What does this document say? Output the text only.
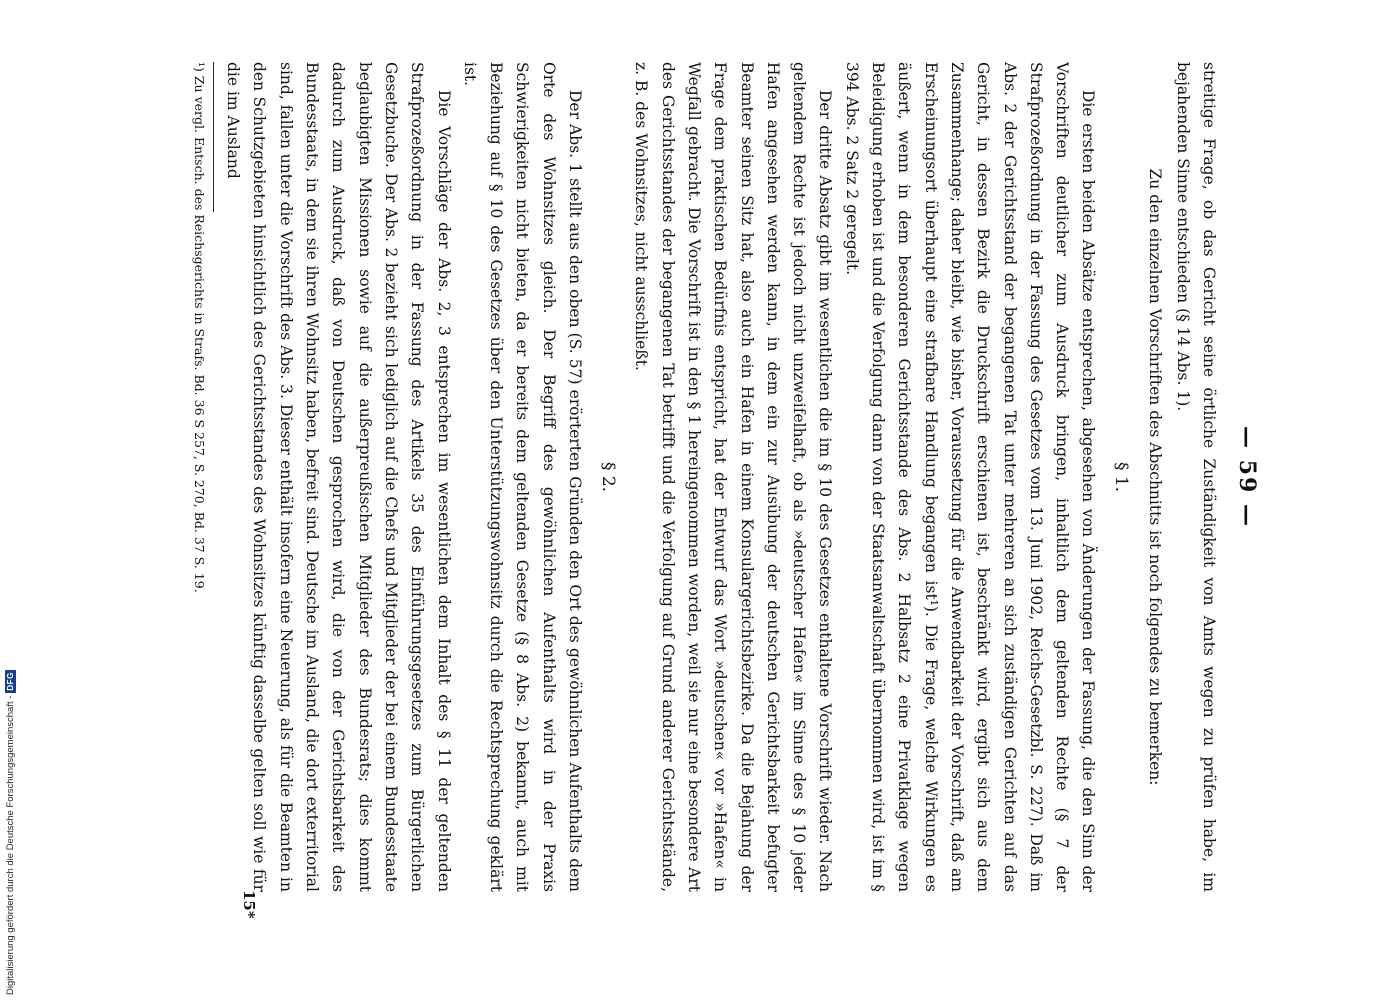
— 59 —

streitige Frage, ob das Gericht seine örtliche Zuständigkeit von Amts wegen zu prüfen habe, im bejahenden Sinne entschieden (§ 14 Abs. 1).

Zu den einzelnen Vorschriften des Abschnitts ist noch folgendes zu bemerken:
§ 1.

Die ersten beiden Absätze entsprechen, abgesehen von Änderungen der Fassung, die den Sinn der Vorschriften deutlicher zum Ausdruck bringen, inhaltlich dem geltenden Rechte (§ 7 der Strafprozeßordnung in der Fassung des Gesetzes vom 13. Juni 1902, Reichs-Gesetzbl. S. 227). Daß im Abs. 2 der Gerichtsstand der begangenen Tat unter mehreren an sich zuständigen Gerichten auf das Gericht, in dessen Bezirk die Druckschrift erschienen ist, beschränkt wird, ergibt sich aus dem Zusammenhange; daher bleibt, wie bisher, Voraussetzung für die Anwendbarkeit der Vorschrift, daß am Erscheinungsort überhaupt eine strafbare Handlung begangen ist¹). Die Frage, welche Wirkungen es äußert, wenn in dem besonderen Gerichtsstande des Abs. 2 Halbsatz 2 eine Privatklage wegen Beleidigung erhoben ist und die Verfolgung dann von der Staatsanwaltschaft übernommen wird, ist im § 394 Abs. 2 Satz 2 geregelt.

Der dritte Absatz gibt im wesentlichen die im § 10 des Gesetzes enthaltene Vorschrift wieder. Nach geltendem Rechte ist jedoch nicht unzweifelhaft, ob als »deutscher Hafen« im Sinne des § 10 jeder Hafen angesehen werden kann, in dem ein zur Ausübung der deutschen Gerichtsbarkeit befugter Beamter seinen Sitz hat, also auch ein Hafen in einem Konsulargerichtsbezirke. Da die Bejahung der Frage dem praktischen Bedürfnis entspricht, hat der Entwurf das Wort »deutschen« vor »Hafen« in Wegfall gebracht. Die Vorschrift ist in den § 1 hereingenommen worden, weil sie nur eine besondere Art des Gerichtsstandes der begangenen Tat betrifft und die Verfolgung auf Grund anderer Gerichtsstände, z. B. des Wohnsitzes, nicht ausschließt.

§ 2.

Der Abs. 1 stellt aus den oben (S. 57) erörterten Gründen den Ort des gewöhnlichen Aufenthalts dem Orte des Wohnsitzes gleich. Der Begriff des gewöhnlichen Aufenthalts wird in der Praxis Schwierigkeiten nicht bieten, da er bereits dem geltenden Gesetze (§ 8 Abs. 2) bekannt, auch mit Beziehung auf § 10 des Gesetzes über den Unterstützungswohnsitz durch die Rechtsprechung geklärt ist.

Die Vorschläge der Abs. 2, 3 entsprechen im wesentlichen dem Inhalt des § 11 der geltenden Strafprozeßordnung in der Fassung des Artikels 35 des Einführungsgesetzes zum Bürgerlichen Gesetzbuche. Der Abs. 2 bezieht sich lediglich auf die Chefs und Mitglieder der bei einem Bundesstaate beglaubigten Missionen sowie auf die außerpreußischen Mitglieder des Bundesrats; dies kommt dadurch zum Ausdruck, daß von Deutschen gesprochen wird, die von der Gerichtsbarkeit des Bundesstaats, in dem sie ihren Wohnsitz haben, befreit sind. Deutsche im Ausland, die dort exterritorial sind, fallen unter die Vorschrift des Abs. 3. Dieser enthält insofern eine Neuerung, als für die Beamten in den Schutzgebieten hinsichtlich des Gerichtsstandes des Wohnsitzes künftig dasselbe gelten soll wie für die im Ausland

¹) Zu vergl. Entsch. des Reichsgerichts in Strafs. Bd. 36 S 257, S. 270, Bd. 37 S. 19.
15*
Digitalisierung gefördert durch die Deutsche Forschungsgemeinschaft -
DFG
